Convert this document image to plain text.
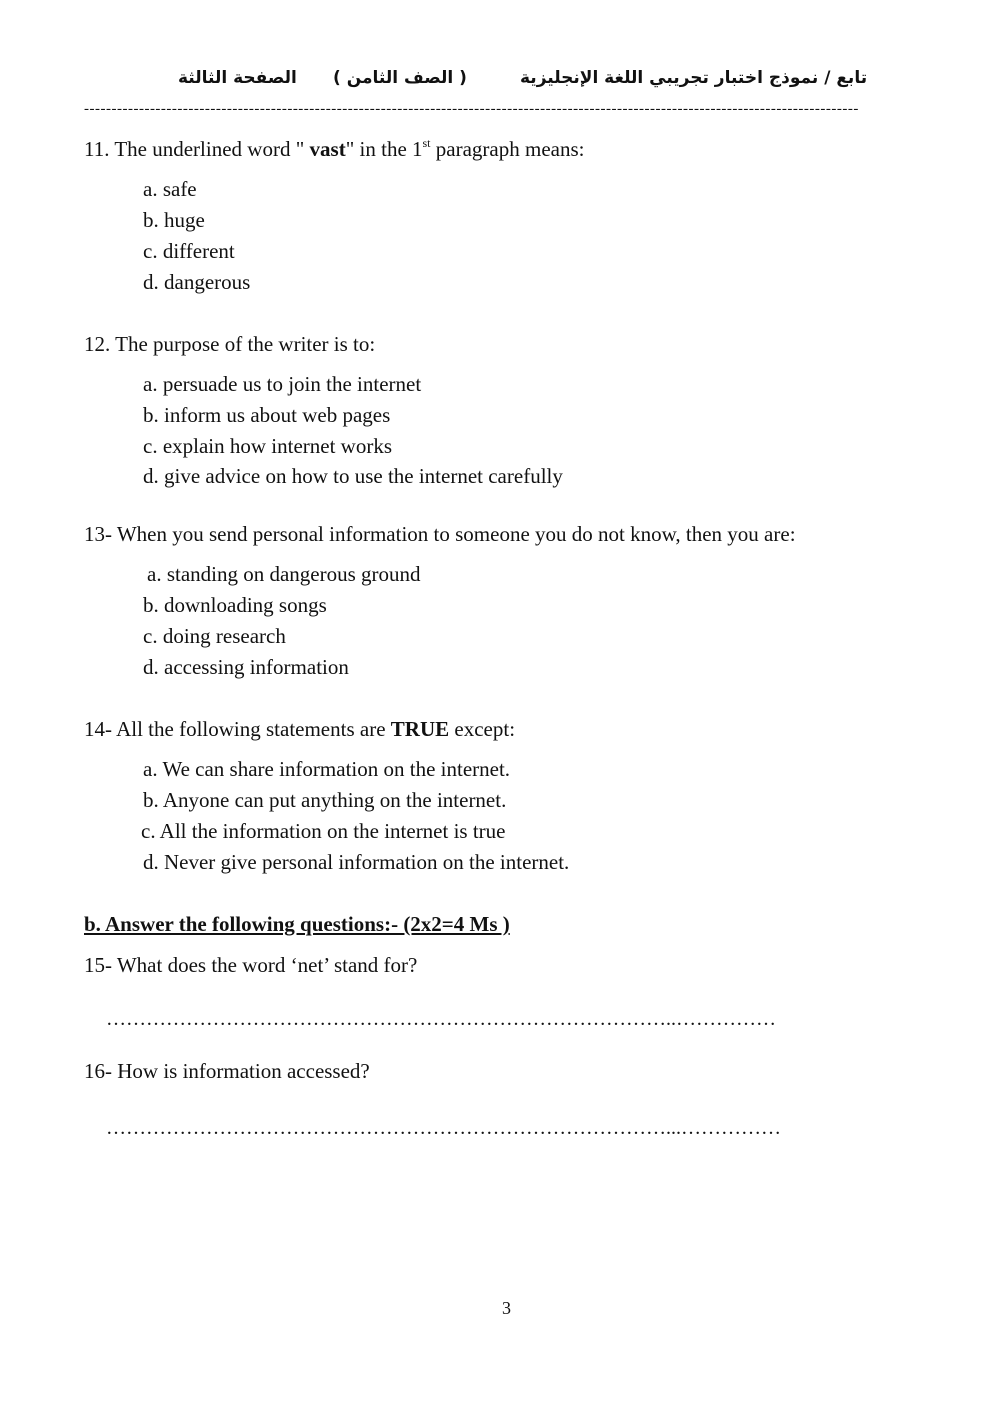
تابع / نموذج اختبار تجريبي اللغة الإنجليزية
( الصف الثامن )
الصفحة الثالثة
---------------------------------------------------------------------------------------------------------------------------------------------
11. The underlined word " vast" in the 1st paragraph means:
a. safe
b. huge
c. different
d. dangerous
12. The purpose of the writer is to:
a. persuade us to join the internet
b. inform us about web pages
c. explain how internet works
d. give advice on how to use the internet carefully
13- When you send personal information to someone you do not know, then you are:
a. standing on dangerous ground
b. downloading songs
c. doing research
d. accessing information
14- All the following statements are TRUE except:
a. We can share information on the internet.
b. Anyone can put anything on the internet.
c. All the information on the internet is true
d. Never give personal information on the internet.
b. Answer the following questions:- (2x2=4 Ms )
15- What does the word ‘net’ stand for?
…………………………………………………………………………..……………
16- How is information accessed?
…………………………………………………………………………...……………
3
